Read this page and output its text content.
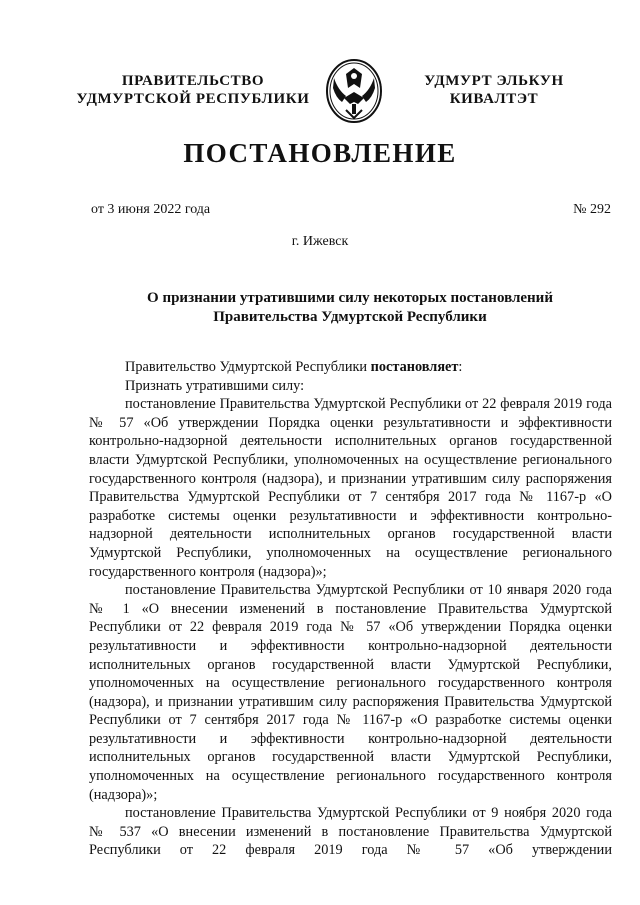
ПРАВИТЕЛЬСТВО
УДМУРТСКОЙ РЕСПУБЛИКИ
УДМУРТ ЭЛЬКУН
КИВАЛТЭТ
ПОСТАНОВЛЕНИЕ
от 3 июня 2022 года	№ 292
г. Ижевск
О признании утратившими силу некоторых постановлений
Правительства Удмуртской Республики

Правительство Удмуртской Республики постановляет:

Признать утратившими силу:

постановление Правительства Удмуртской Республики от 22 февраля 2019 года № 57 «Об утверждении Порядка оценки результативности и эффективности контрольно-надзорной деятельности исполнительных органов государственной власти Удмуртской Республики, уполномоченных на осуществление регионального государственного контроля (надзора), и признании утратившим силу распоряжения Правительства Удмуртской Республики от 7 сентября 2017 года № 1167-р «О разработке системы оценки результативности и эффективности контрольно-надзорной деятельности исполнительных органов государственной власти Удмуртской Республики, уполномоченных на осуществление регионального государственного контроля (надзора)»;

постановление Правительства Удмуртской Республики от 10 января 2020 года № 1 «О внесении изменений в постановление Правительства Удмуртской Республики от 22 февраля 2019 года № 57 «Об утверждении Порядка оценки результативности и эффективности контрольно-надзорной деятельности исполнительных органов государственной власти Удмуртской Республики, уполномоченных на осуществление регионального государственного контроля (надзора), и признании утратившим силу распоряжения Правительства Удмуртской Республики от 7 сентября 2017 года № 1167-р «О разработке системы оценки результативности и эффективности контрольно-надзорной деятельности исполнительных органов государственной власти Удмуртской Республики, уполномоченных на осуществление регионального государственного контроля (надзора)»;

постановление Правительства Удмуртской Республики от 9 ноября 2020 года № 537 «О внесении изменений в постановление Правительства Удмуртской Республики от 22 февраля 2019 года № 57 «Об утверждении
